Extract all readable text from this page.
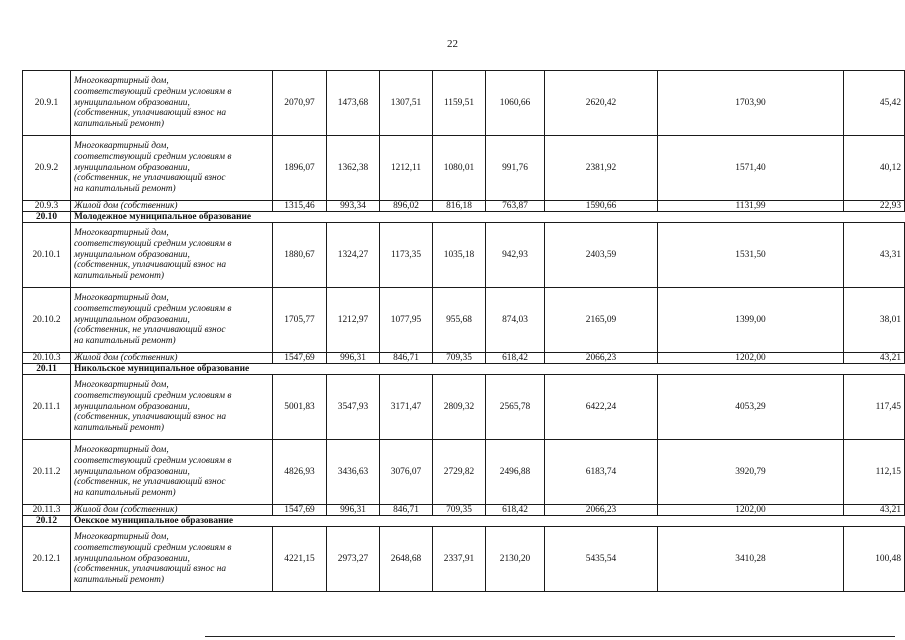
22
20.9.1	Многоквартирный дом,
соответствующий средним условиям в
муниципальном образовании,
(собственник, уплачивающий взнос на
капитальный ремонт)	2070,97	1473,68	1307,51	1159,51	1060,66	2620,42	1703,90	45,42
20.9.2	Многоквартирный дом,
соответствующий средним условиям в
муниципальном образовании,
(собственник, не уплачивающий взнос
на капитальный ремонт)	1896,07	1362,38	1212,11	1080,01	991,76	2381,92	1571,40	40,12
20.9.3	Жилой дом (собственник)	1315,46	993,34	896,02	816,18	763,87	1590,66	1131,99	22,93
20.10	Молодежное муниципальное образование								
20.10.1	Многоквартирный дом,
соответствующий средним условиям в
муниципальном образовании,
(собственник, уплачивающий взнос на
капитальный ремонт)	1880,67	1324,27	1173,35	1035,18	942,93	2403,59	1531,50	43,31
20.10.2	Многоквартирный дом,
соответствующий средним условиям в
муниципальном образовании,
(собственник, не уплачивающий взнос
на капитальный ремонт)	1705,77	1212,97	1077,95	955,68	874,03	2165,09	1399,00	38,01
20.10.3	Жилой дом (собственник)	1547,69	996,31	846,71	709,35	618,42	2066,23	1202,00	43,21
20.11	Никольское муниципальное образование								
20.11.1	Многоквартирный дом,
соответствующий средним условиям в
муниципальном образовании,
(собственник, уплачивающий взнос на
капитальный ремонт)	5001,83	3547,93	3171,47	2809,32	2565,78	6422,24	4053,29	117,45
20.11.2	Многоквартирный дом,
соответствующий средним условиям в
муниципальном образовании,
(собственник, не уплачивающий взнос
на капитальный ремонт)	4826,93	3436,63	3076,07	2729,82	2496,88	6183,74	3920,79	112,15
20.11.3	Жилой дом (собственник)	1547,69	996,31	846,71	709,35	618,42	2066,23	1202,00	43,21
20.12	Оекское муниципальное образование								
20.12.1	Многоквартирный дом,
соответствующий средним условиям в
муниципальном образовании,
(собственник, уплачивающий взнос на
капитальный ремонт)	4221,15	2973,27	2648,68	2337,91	2130,20	5435,54	3410,28	100,48
